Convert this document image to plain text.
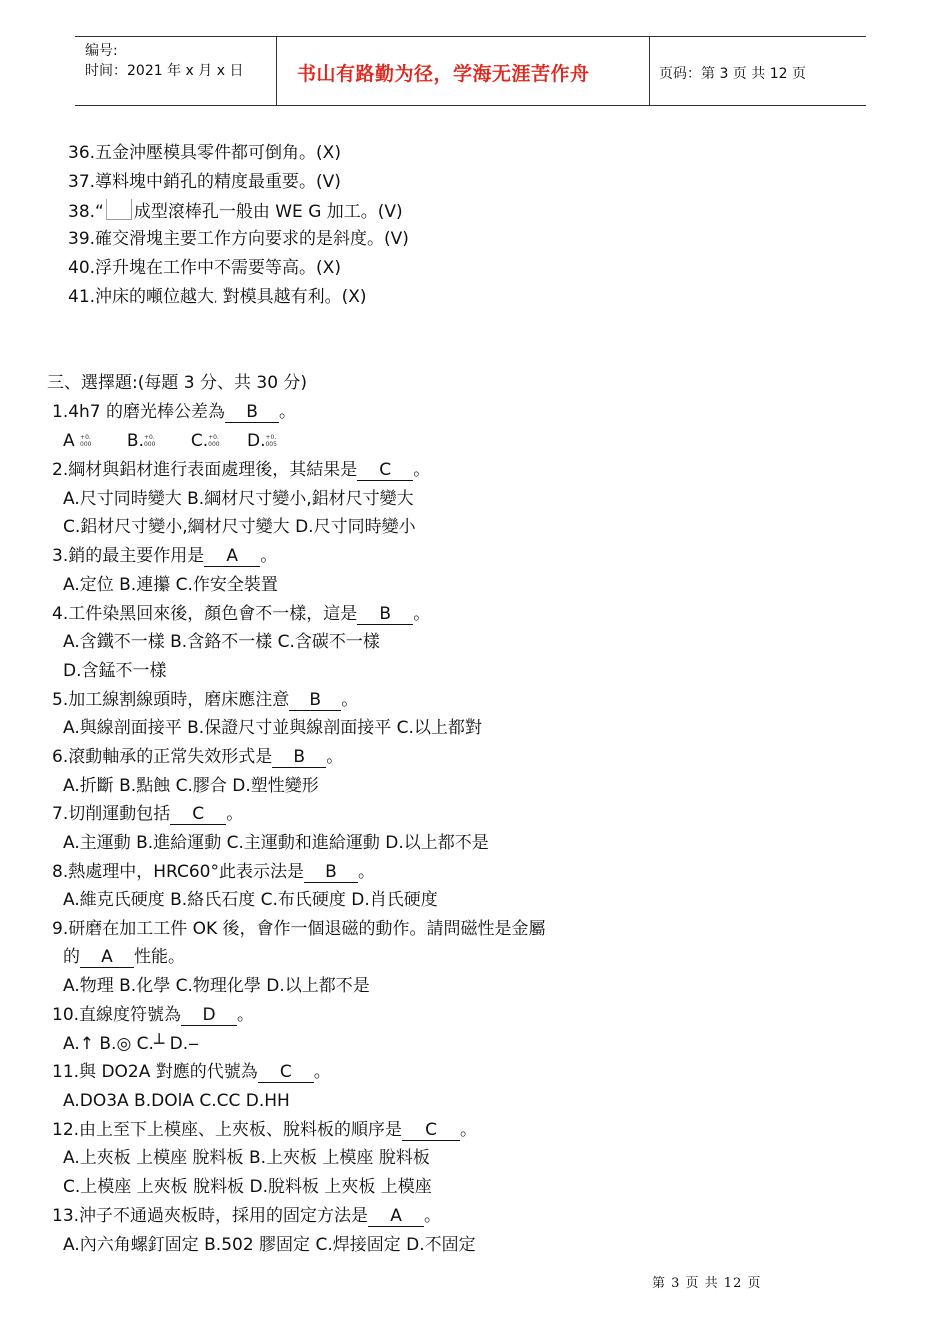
编号:
时间：2021 年 x 月 x 日	书山有路勤为径，学海无涯苦作舟	页码：第 3 页 共 12 页
36.五金沖壓模具零件都可倒角。(X)
37.導料塊中銷孔的精度最重要。(V)
38.“ 成型滾棒孔一般由 WE G 加工。(V)
39.確交滑塊主要工作方向要求的是斜度。(V)
40.浮升塊在工作中不需要等高。(X)
41.沖床的噸位越大, 對模具越有利。(X)
三、選擇題:(每題 3 分、共 30 分)
1.4h7 的磨光棒公差為 B 。
A +0.
000 B.+0.
000 C.+0.
000 D.+0.
005
2.綱材與鋁材進行表面處理後，其結果是 C 。
A.尺寸同時變大 B.綱材尺寸變小,鋁材尺寸變大
C.鋁材尺寸變小,綱材尺寸變大 D.尺寸同時變小
3.銷的最主要作用是 A 。
A.定位 B.連攥 C.作安全裝置
4.工件染黑回來後，顏色會不一樣，這是 B 。
A.含鐵不一樣 B.含鉻不一樣 C.含碳不一樣
D.含錳不一樣
5.加工線割線頭時，磨床應注意 B 。
A.與線剖面接平 B.保證尺寸並與線剖面接平 C.以上都對
6.滾動軸承的正常失效形式是 B 。
A.折斷 B.點蝕 C.膠合 D.塑性變形
7.切削運動包括 C 。
A.主運動 B.進給運動 C.主運動和進給運動 D.以上都不是
8.熱處理中，HRC60°此表示法是 B 。
A.維克氏硬度 B.絡氏石度 C.布氏硬度 D.肖氏硬度
9.研磨在加工工件 OK 後，會作一個退磁的動作。請問磁性是金屬
的 A 性能。
A.物理 B.化學 C.物理化學 D.以上都不是
10.直線度符號為 D 。
A.↑ B.◎ C.┴ D.‒
11.與 DO2A 對應的代號為 C 。
A.DO3A B.DOlA C.CC D.HH
12.由上至下上模座、上夾板、脫料板的順序是 C 。
A.上夾板 上模座 脫料板 B.上夾板 上模座 脫料板
C.上模座 上夾板 脫料板 D.脫料板 上夾板 上模座
13.沖子不通過夾板時，採用的固定方法是 A 。
A.內六角螺釘固定 B.502 膠固定 C.焊接固定 D.不固定
第 3 页 共 12 页
